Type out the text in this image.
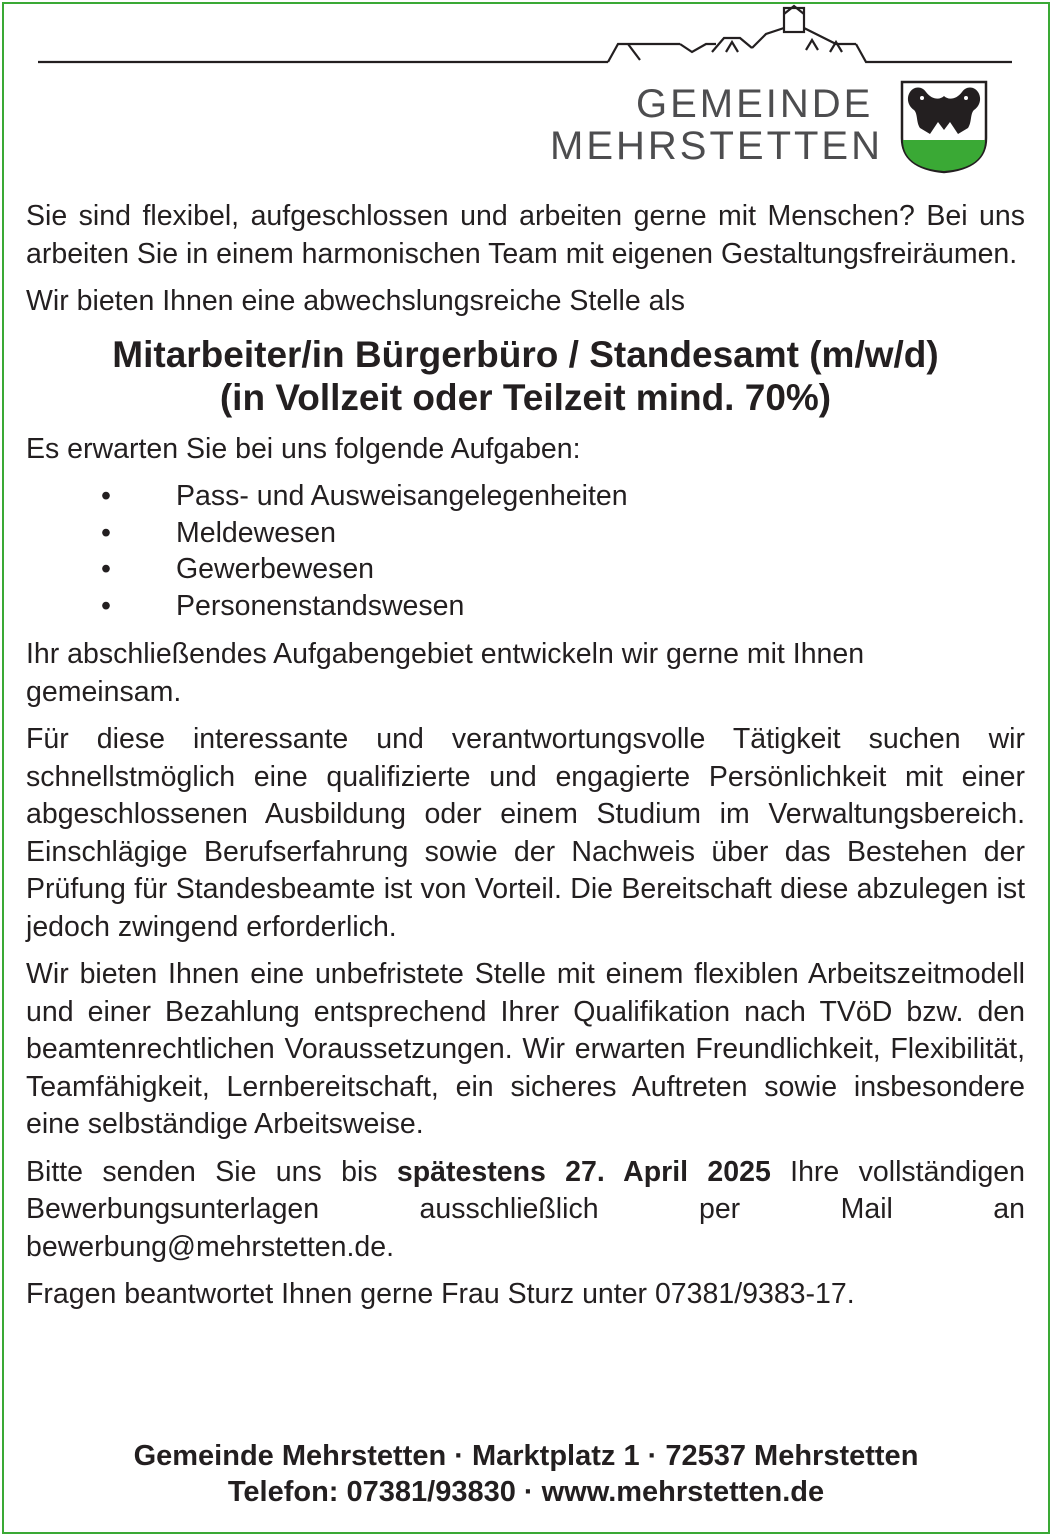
GEMEINDE
MEHRSTETTEN

Sie sind flexibel, aufgeschlossen und arbeiten gerne mit Menschen? Bei uns arbeiten Sie in einem harmonischen Team mit eigenen Gestaltungsfreiräumen.

Wir bieten Ihnen eine abwechslungsreiche Stelle als

Mitarbeiter/in Bürgerbüro / Standesamt (m/w/d)
(in Vollzeit oder Teilzeit mind. 70%)

Es erwarten Sie bei uns folgende Aufgaben:

• Pass- und Ausweisangelegenheiten
• Meldewesen
• Gewerbewesen
• Personenstandswesen

Ihr abschließendes Aufgabengebiet entwickeln wir gerne mit Ihnen gemeinsam.

Für diese interessante und verantwortungsvolle Tätigkeit suchen wir schnellstmöglich eine qualifizierte und engagierte Persönlichkeit mit einer abgeschlossenen Ausbildung oder einem Studium im Verwaltungsbereich. Einschlägige Berufserfahrung sowie der Nachweis über das Bestehen der Prüfung für Standesbeamte ist von Vorteil. Die Bereitschaft diese abzulegen ist jedoch zwingend erforderlich.

Wir bieten Ihnen eine unbefristete Stelle mit einem flexiblen Arbeitszeitmodell und einer Bezahlung entsprechend Ihrer Qualifikation nach TVöD bzw. den beamtenrechtlichen Voraussetzungen. Wir erwarten Freundlichkeit, Flexibilität, Teamfähigkeit, Lernbereitschaft, ein sicheres Auftreten sowie insbesondere eine selbständige Arbeitsweise.

Bitte senden Sie uns bis spätestens 27. April 2025 Ihre vollständigen Bewerbungsunterlagen ausschließlich per Mail an bewerbung@mehrstetten.de.

Fragen beantwortet Ihnen gerne Frau Sturz unter 07381/9383-17.

Gemeinde Mehrstetten · Marktplatz 1 · 72537 Mehrstetten
Telefon: 07381/93830 · www.mehrstetten.de
